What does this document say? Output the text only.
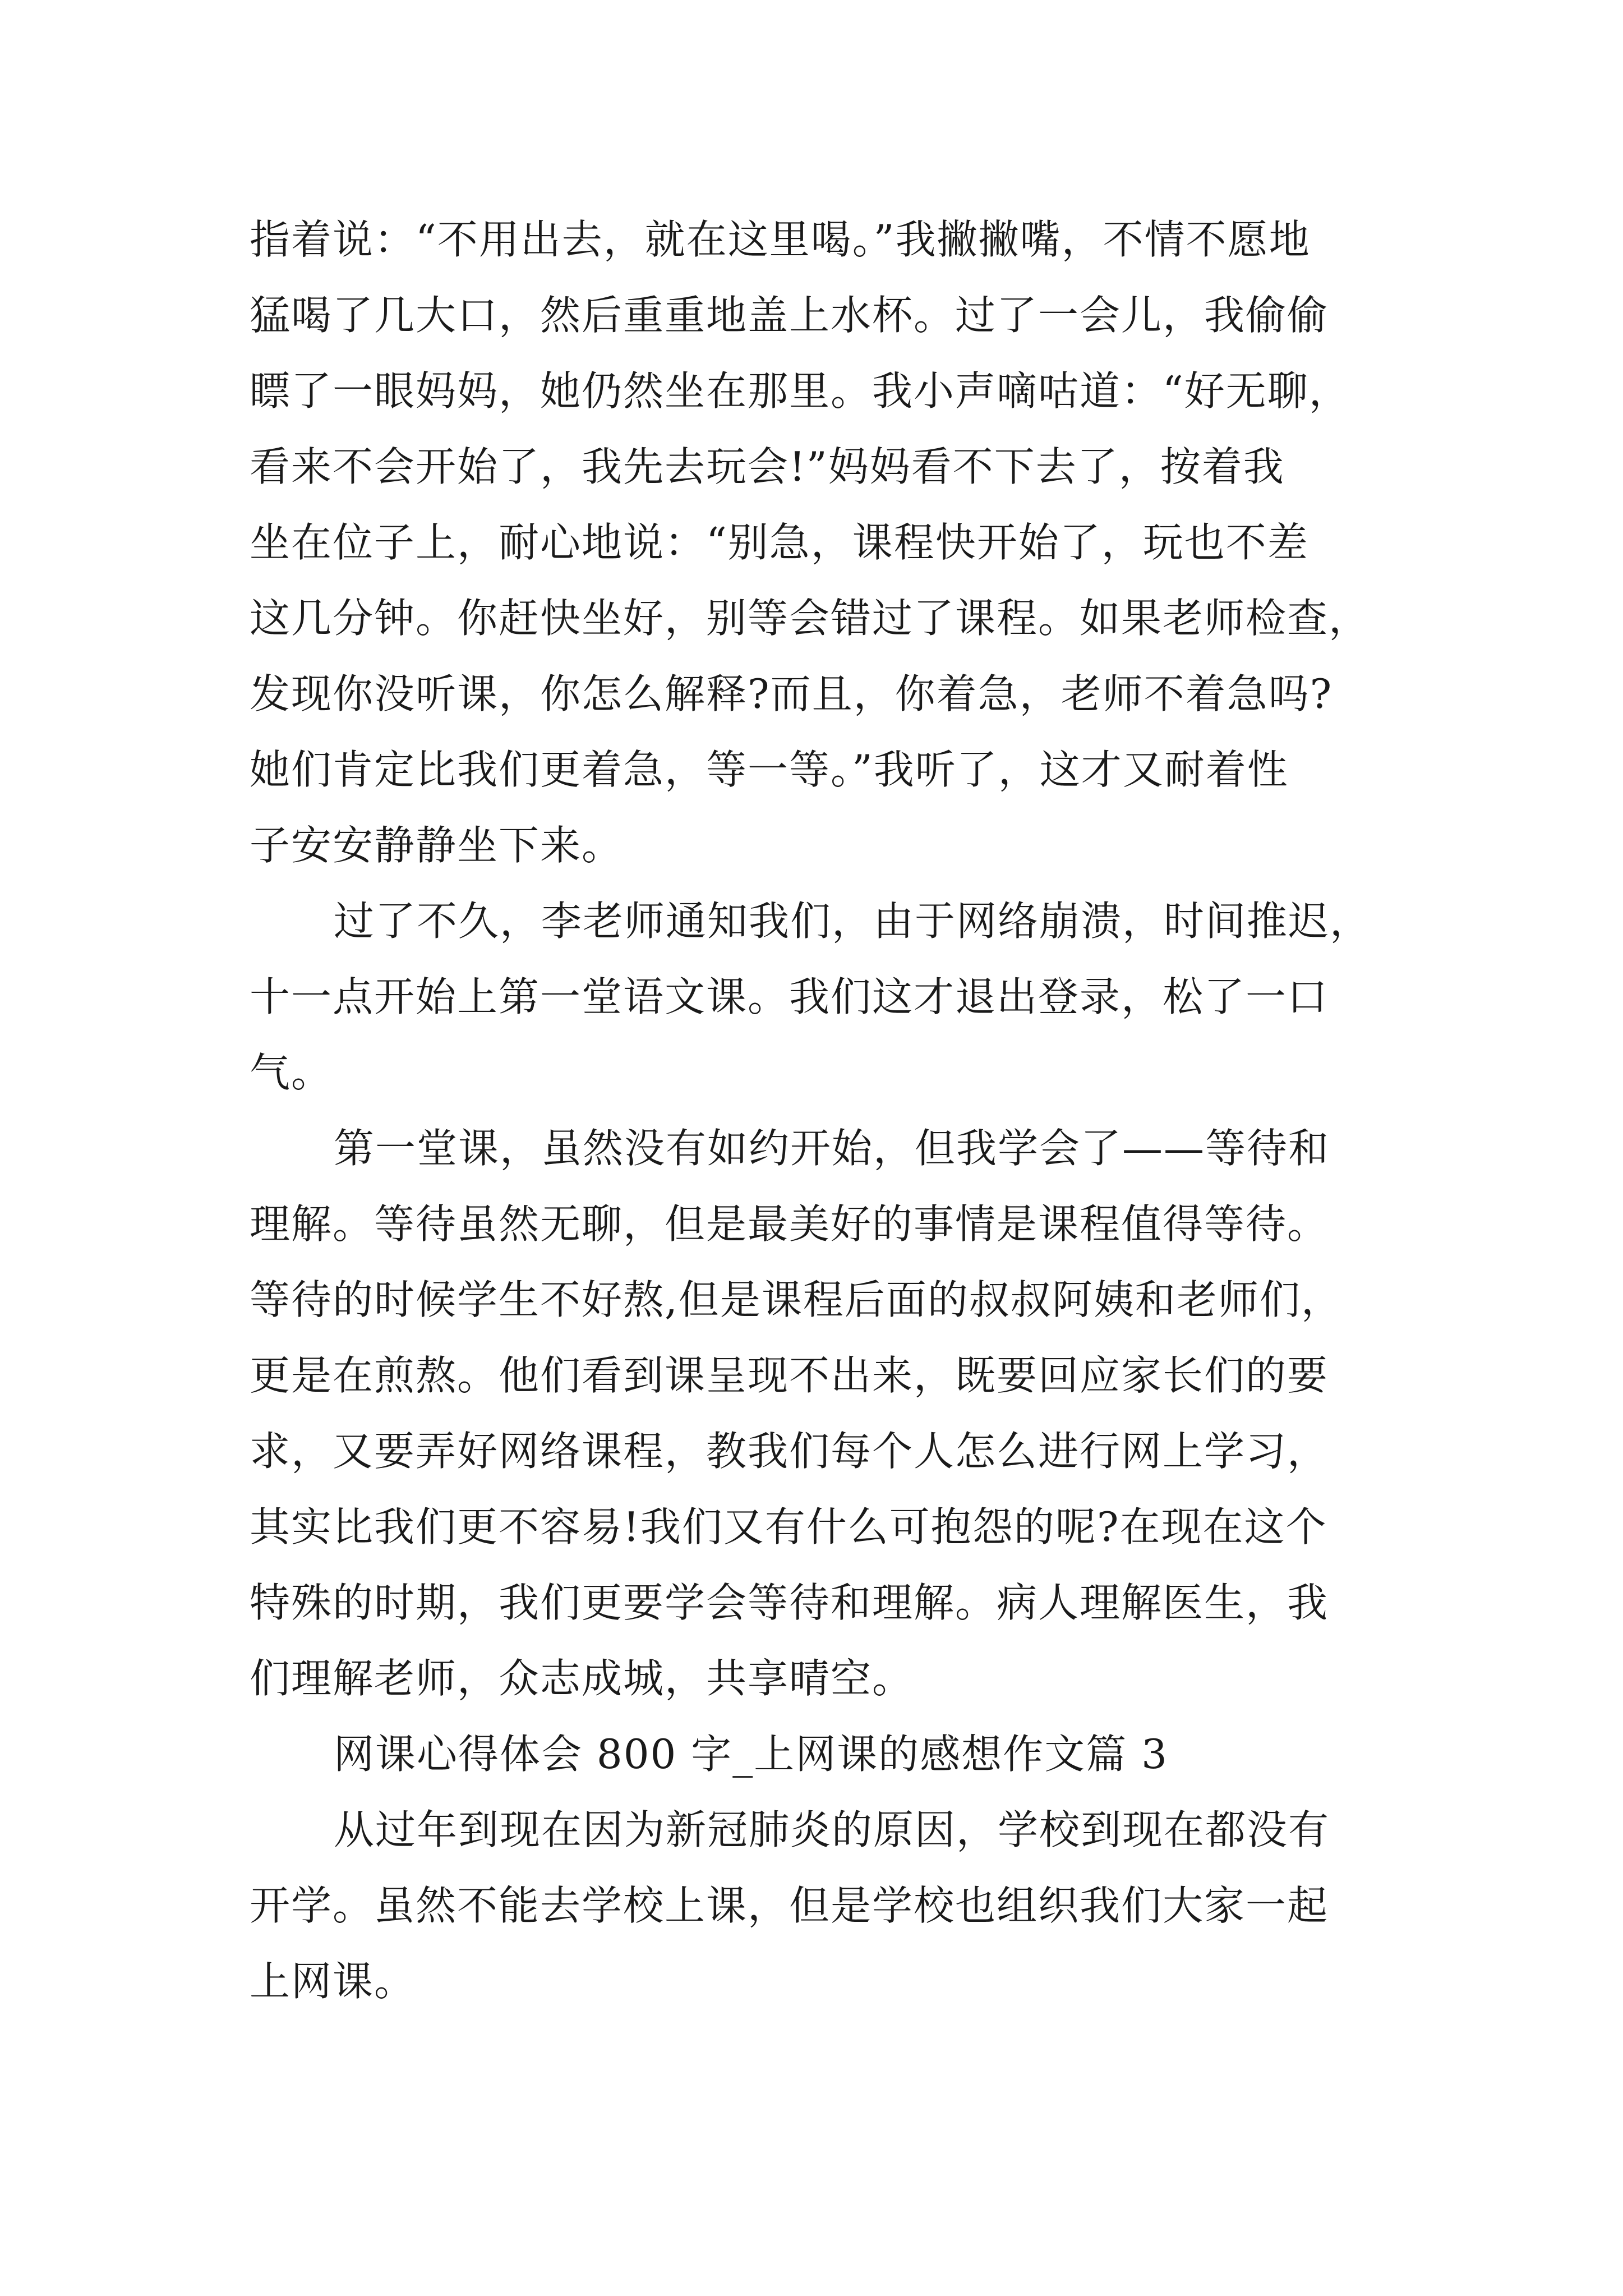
指着说：“不用出去，就在这里喝。”我撇撇嘴，不情不愿地
猛喝了几大口，然后重重地盖上水杯。过了一会儿，我偷偷
瞟了一眼妈妈，她仍然坐在那里。我小声嘀咕道：“好无聊，
看来不会开始了，我先去玩会!”妈妈看不下去了，按着我
坐在位子上，耐心地说：“别急，课程快开始了，玩也不差
这几分钟。你赶快坐好，别等会错过了课程。如果老师检查，
发现你没听课，你怎么解释?而且，你着急，老师不着急吗?
她们肯定比我们更着急，等一等。”我听了，这才又耐着性
子安安静静坐下来。
过了不久，李老师通知我们，由于网络崩溃，时间推迟，
十一点开始上第一堂语文课。我们这才退出登录，松了一口
气。
第一堂课，虽然没有如约开始，但我学会了——等待和
理解。等待虽然无聊，但是最美好的事情是课程值得等待。
等待的时候学生不好熬,但是课程后面的叔叔阿姨和老师们，
更是在煎熬。他们看到课呈现不出来，既要回应家长们的要
求，又要弄好网络课程，教我们每个人怎么进行网上学习，
其实比我们更不容易!我们又有什么可抱怨的呢?在现在这个
特殊的时期，我们更要学会等待和理解。病人理解医生，我
们理解老师，众志成城，共享晴空。
网课心得体会 800 字_上网课的感想作文篇 3
从过年到现在因为新冠肺炎的原因，学校到现在都没有
开学。虽然不能去学校上课，但是学校也组织我们大家一起
上网课。
